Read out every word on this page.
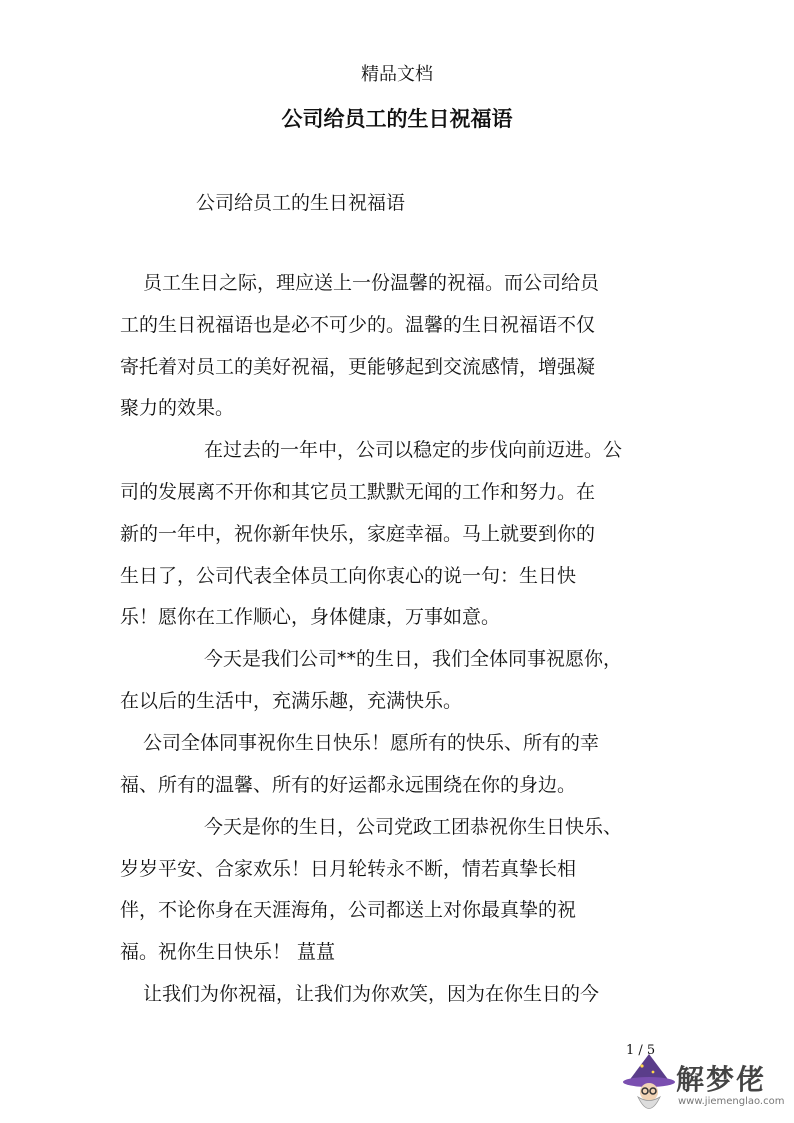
精品文档
公司给员工的生日祝福语
公司给员工的生日祝福语
员工生日之际，理应送上一份温馨的祝福。而公司给员
工的生日祝福语也是必不可少的。温馨的生日祝福语不仅
寄托着对员工的美好祝福，更能够起到交流感情，增强凝
聚力的效果。
在过去的一年中，公司以稳定的步伐向前迈进。公
司的发展离不开你和其它员工默默无闻的工作和努力。在
新的一年中，祝你新年快乐，家庭幸福。马上就要到你的
生日了，公司代表全体员工向你衷心的说一句：生日快
乐！愿你在工作顺心，身体健康，万事如意。
今天是我们公司**的生日，我们全体同事祝愿你，
在以后的生活中，充满乐趣，充满快乐。
公司全体同事祝你生日快乐！愿所有的快乐、所有的幸
福、所有的温馨、所有的好运都永远围绕在你的身边。
今天是你的生日，公司党政工团恭祝你生日快乐、
岁岁平安、合家欢乐！日月轮转永不断，情若真挚长相
伴，不论你身在天涯海角，公司都送上对你最真挚的祝
福。祝你生日快乐！ 蒀蒀
让我们为你祝福，让我们为你欢笑，因为在你生日的今
1 / 5
解梦佬
www.jiemenglao.com
